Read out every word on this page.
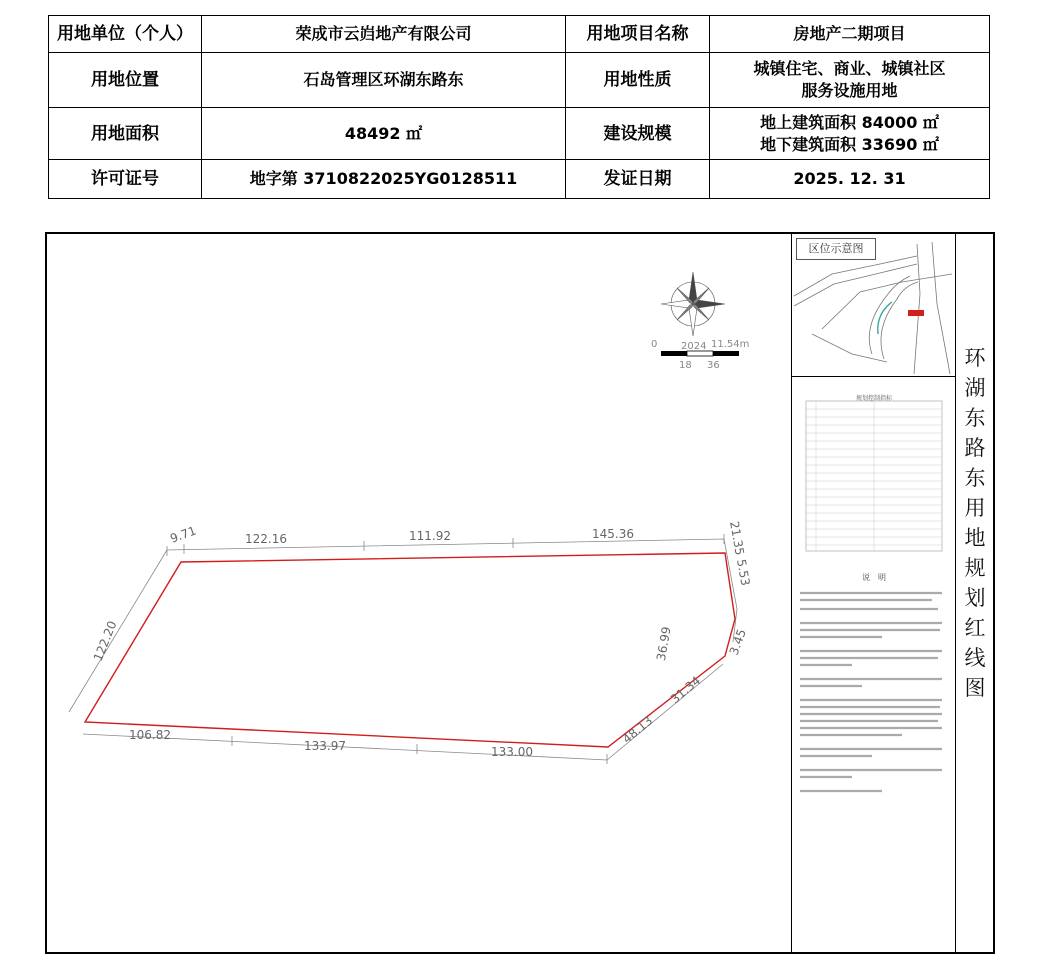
用地单位（个人）	荣成市云岿地产有限公司	用地项目名称	房地产二期项目
用地位置	石岛管理区环湖东路东	用地性质	城镇住宅、商业、城镇社区
服务设施用地

用地面积	48492 ㎡	建设规模	地上建筑面积 84000 ㎡
地下建筑面积 33690 ㎡

许可证号	地字第 3710822025YG0128511	发证日期	2025. 12. 31
9.71	122.16	111.92	145.36
122.20
21.35
5.53
36.99	3.45
106.82
133.97	133.00
48.13
31.34
0 2024 11.54m
18 36
区位示意图
规划控制指标
说　明
环
湖
东
路
东
用
地
规
划
红
线
图
